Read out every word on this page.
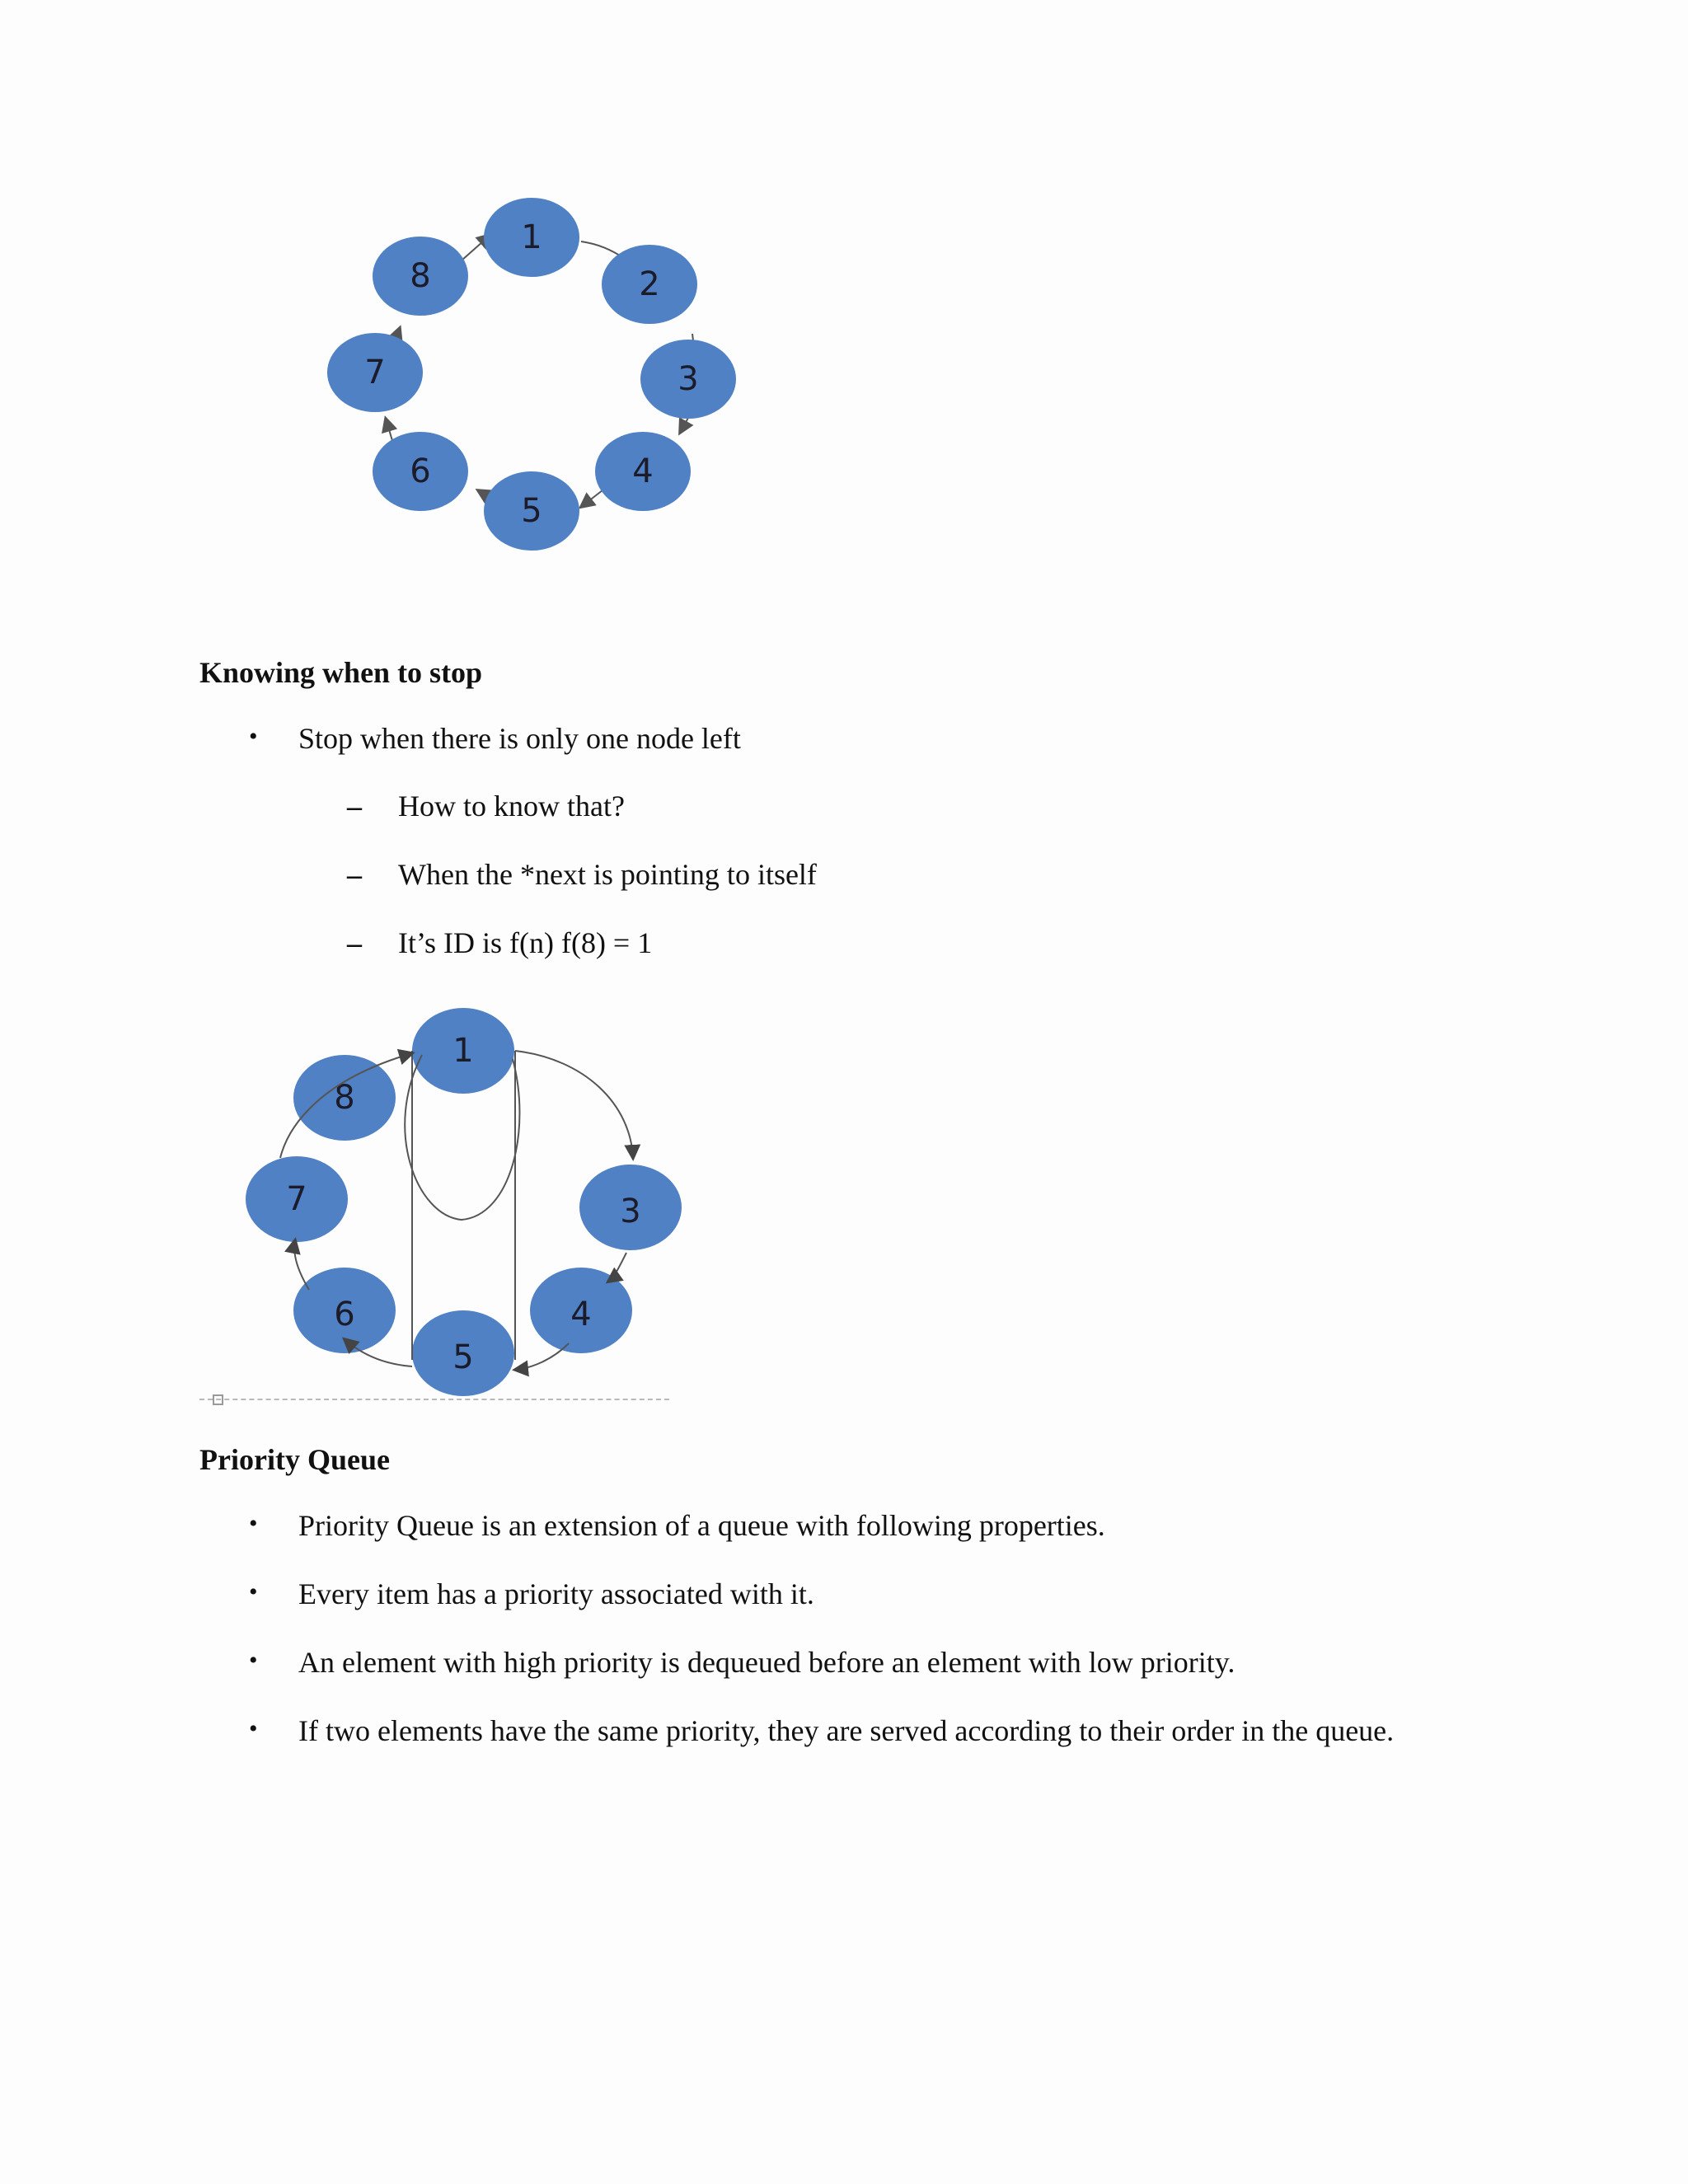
1
2
3
4
5
6
7
8
Knowing when to stop
• Stop when there is only one node left
– How to know that?
– When the *next is pointing to itself
– It’s ID is f(n) f(8) = 1
3
4
6
7
8
1
5
Priority Queue
• Priority Queue is an extension of a queue with following properties.
• Every item has a priority associated with it.
• An element with high priority is dequeued before an element with low priority.
• If two elements have the same priority, they are served according to their order in the queue.
